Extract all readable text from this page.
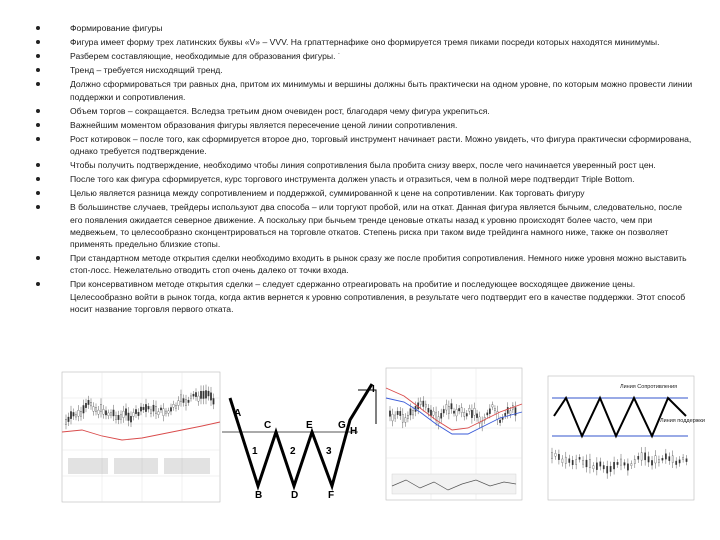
Формирование фигуры
Фигура имеет форму трех латинских буквы «V» – VVV. На грпаттернафике оно формируется тремя пиками посреди которых находятся минимумы.
Разберем составляющие, необходимые для образования фигуры. ˙
Тренд – требуется нисходящий тренд.
Должно сформироваться три равных дна, притом их минимумы и вершины должны быть практически на одном уровне, по которым можно провести линии поддержки и сопротивления.
Объем торгов – сокращается. Вследза третьим дном очевиден рост, благодаря чему фигура укрепиться.
Важнейшим моментом образования фигуры является пересечение ценой линии сопротивления.
Рост котировок – после того, как сформируется второе дно, торговый инструмент начинает расти. Можно увидеть, что фигура практически сформирована, однако требуется подтверждение.
Чтобы получить подтверждение, необходимо чтобы линия сопротивления была пробита снизу вверх, после чего начинается уверенный рост цен.
После того как фигура сформируется, курс торгового инструмента должен упасть и отразиться, чем в полной мере подтвердит Triple Bottom.
Целью является разница между сопротивлением и поддержкой, суммированной к цене на сопротивлении. Как торговать фигуру
В большинстве случаев, трейдеры используют два способа – или торгуют пробой, или на откат. Данная фигура является бычьим, следовательно, после его появления ожидается северное движение. А поскольку при бычьем тренде ценовые откаты назад к уровню происходят более часто, чем при медвежьем, то целесообразно сконцентрироваться на торговле откатов. Степень риска при таком виде трейдинга намного ниже, также он позволяет применять предельно близкие стопы.
При стандартном методе открытия сделки необходимо входить в рынок сразу же после пробития сопротивления. Немного ниже уровня можно выставить стоп-лосс. Нежелательно отводить стоп очень далеко от точки входа.
При консервативном методе открытия сделки – следует сдержанно отреагировать на пробитие и последующее восходящее движение цены. Целесообразно войти в рынок тогда, когда актив вернется к уровню сопротивления, в результате чего подтвердит его в качестве поддержки. Этот способ носит название торговля первого отката.
A
B
C
D
E
F
G
H
I
1	2	3
Линия Сопротивления
Линия поддержки
